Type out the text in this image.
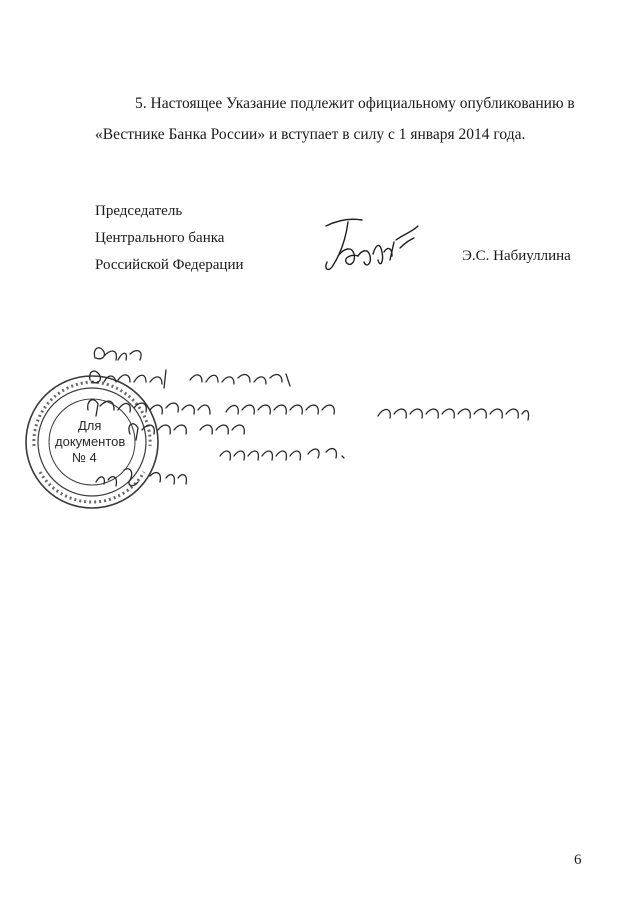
5. Настоящее Указание подлежит официальному опубликованию в
«Вестнике Банка России» и вступает в силу с 1 января 2014 года.
Председатель
Центрального банка
Российской Федерации
Э.С. Набиуллина
Для
документов
№ 4
6
